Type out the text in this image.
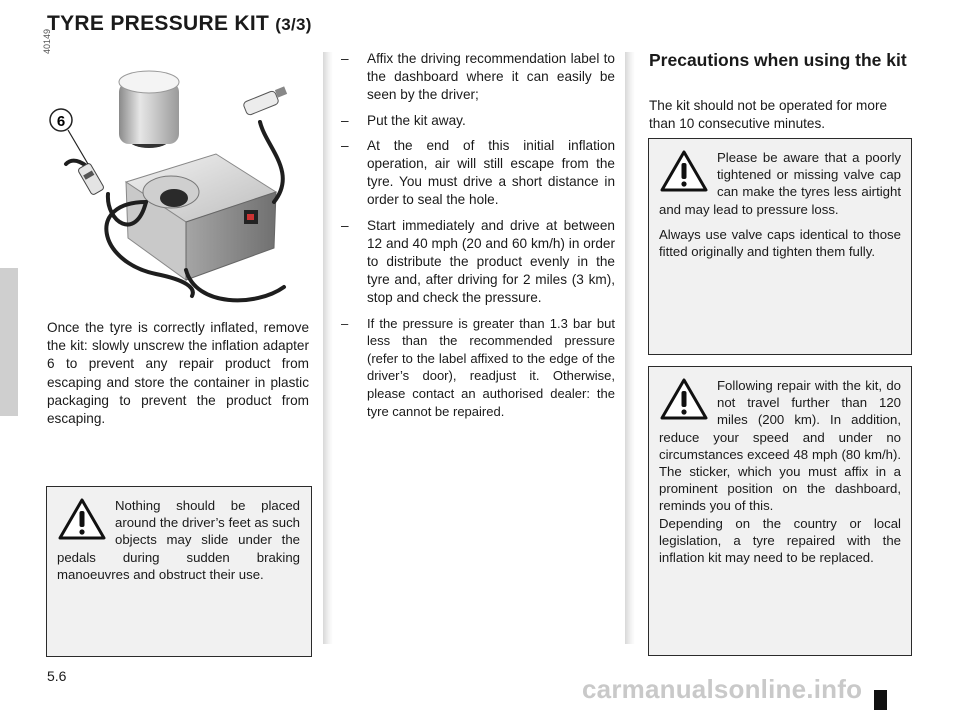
TYRE PRESSURE KIT (3/3)
40149
6

Once the tyre is correctly inflated, remove the kit: slowly unscrew the inflation adapter 6 to prevent any repair product from escaping and store the container in plastic packaging to prevent the product from escaping.

Nothing should be placed around the driver’s feet as such objects may slide under the pedals during sudden braking manoeuvres and obstruct their use.

– Affix the driving recommendation label to the dashboard where it can easily be seen by the driver;
– Put the kit away.
– At the end of this initial inflation operation, air will still escape from the tyre. You must drive a short distance in order to seal the hole.
– Start immediately and drive at between 12 and 40 mph (20 and 60 km/h) in order to distribute the product evenly in the tyre and, after driving for 2 miles (3 km), stop and check the pressure.
– If the pressure is greater than 1.3 bar but less than the recommended pressure (refer to the label affixed to the edge of the driver’s door), readjust it. Otherwise, please contact an authorised dealer: the tyre cannot be repaired.
Precautions when using the kit

The kit should not be operated for more than 10 consecutive minutes.

Please be aware that a poorly tightened or missing valve cap can make the tyres less airtight and may lead to pressure loss.

Always use valve caps identical to those fitted originally and tighten them fully.

Following repair with the kit, do not travel further than 120 miles (200 km). In addition, reduce your speed and under no circumstances exceed 48 mph (80 km/h). The sticker, which you must affix in a prominent position on the dashboard, reminds you of this.

Depending on the country or local legislation, a tyre repaired with the inflation kit may need to be replaced.

5.6	carmanualsonline.info
